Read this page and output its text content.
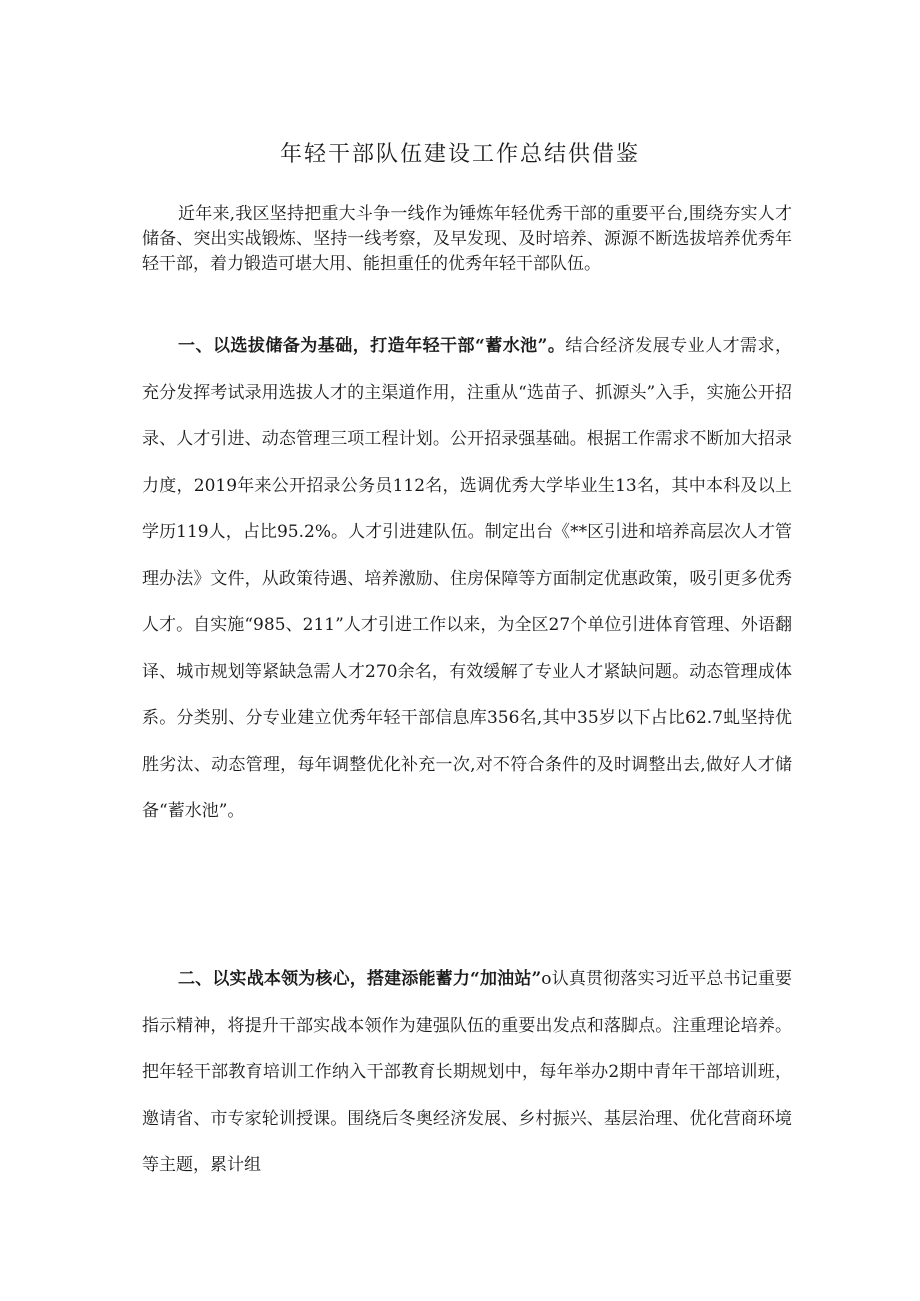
年轻干部队伍建设工作总结供借鉴

近年来,我区坚持把重大斗争一线作为锤炼年轻优秀干部的重要平台,围绕夯实人才储备、突出实战锻炼、坚持一线考察，及早发现、及时培养、源源不断选拔培养优秀年轻干部，着力锻造可堪大用、能担重任的优秀年轻干部队伍。

一、以选拔储备为基础，打造年轻干部“蓄水池”。结合经济发展专业人才需求，充分发挥考试录用选拔人才的主渠道作用，注重从“选苗子、抓源头”入手，实施公开招录、人才引进、动态管理三项工程计划。公开招录强基础。根据工作需求不断加大招录力度，2019年来公开招录公务员112名，选调优秀大学毕业生13名，其中本科及以上学历119人，占比95.2%。人才引进建队伍。制定出台《**区引进和培养高层次人才管理办法》文件，从政策待遇、培养激励、住房保障等方面制定优惠政策，吸引更多优秀人才。自实施“985、211”人才引进工作以来，为全区27个单位引进体育管理、外语翻译、城市规划等紧缺急需人才270余名，有效缓解了专业人才紧缺问题。动态管理成体系。分类别、分专业建立优秀年轻干部信息库356名,其中35岁以下占比62.7虬坚持优胜劣汰、动态管理，每年调整优化补充一次,对不符合条件的及时调整出去,做好人才储备“蓄水池”。

二、以实战本领为核心，搭建添能蓄力“加油站”o认真贯彻落实习近平总书记重要指示精神，将提升干部实战本领作为建强队伍的重要出发点和落脚点。注重理论培养。把年轻干部教育培训工作纳入干部教育长期规划中，每年举办2期中青年干部培训班，邀请省、市专家轮训授课。围绕后冬奥经济发展、乡村振兴、基层治理、优化营商环境等主题，累计组
